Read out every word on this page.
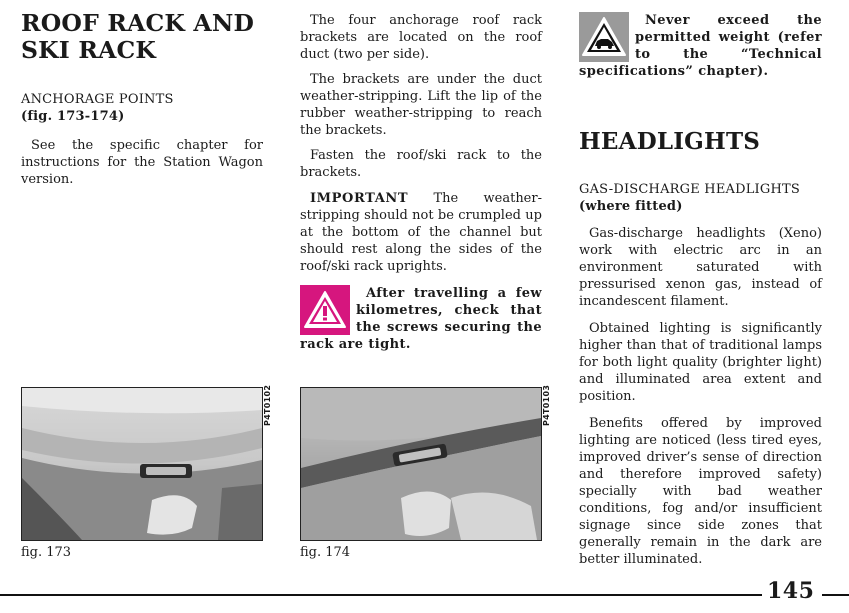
ROOF RACK AND
SKI RACK
ANCHORAGE POINTS
(fig. 173-174)

See the specific chapter for instructions for the Station Wagon version.

The four anchorage roof rack brackets are located on the roof duct (two per side).

The brackets are under the duct weather-stripping. Lift the lip of the rubber weather-stripping to reach the brackets.

Fasten the roof/ski rack to the brackets.

IMPORTANT The weather-stripping should not be crumpled up at the bottom of the channel but should rest along the sides of the roof/ski rack uprights.

After travelling a few kilometres, check that the screws securing the rack are tight.

Never exceed the permitted weight (refer to the “Technical specifications” chapter).

HEADLIGHTS
GAS-DISCHARGE HEADLIGHTS
(where fitted)

Gas-discharge headlights (Xeno) work with electric arc in an environment saturated with pressurised xenon gas, instead of incandescent filament.

Obtained lighting is significantly higher than that of traditional lamps for both light quality (brighter light) and illuminated area extent and position.

Benefits offered by improved lighting are noticed (less tired eyes, improved driver’s sense of direction and therefore improved safety) specially with bad weather conditions, fog and/or insufficient signage since side zones that generally remain in the dark are better illuminated.

P4T0102
fig. 173
P4T0103
fig. 174
145
